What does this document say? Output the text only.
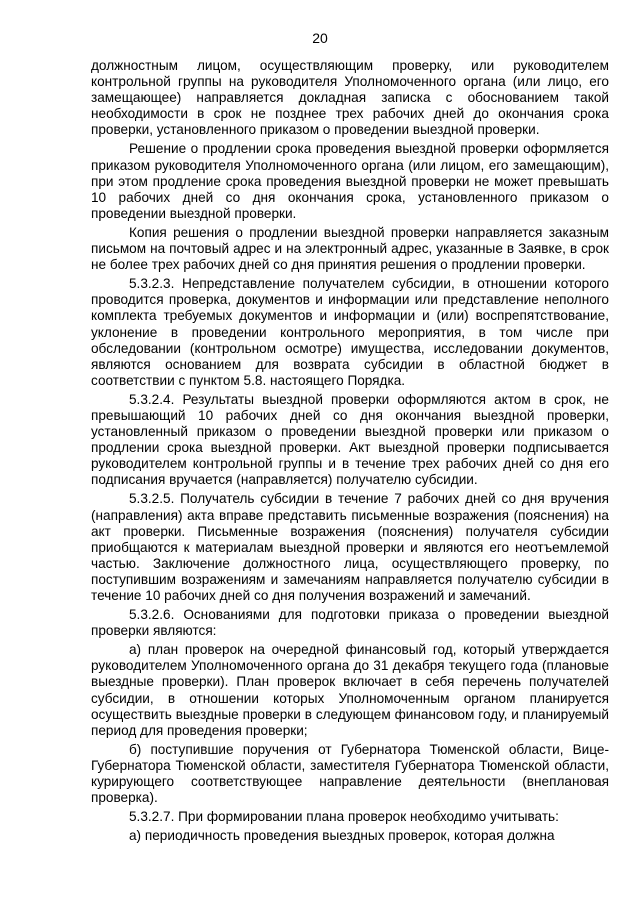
20

должностным лицом, осуществляющим проверку, или руководителем контрольной группы на руководителя Уполномоченного органа (или лицо, его замещающее) направляется докладная записка с обоснованием такой необходимости в срок не позднее трех рабочих дней до окончания срока проверки, установленного приказом о проведении выездной проверки.

Решение о продлении срока проведения выездной проверки оформляется приказом руководителя Уполномоченного органа (или лицом, его замещающим), при этом продление срока проведения выездной проверки не может превышать 10 рабочих дней со дня окончания срока, установленного приказом о проведении выездной проверки.

Копия решения о продлении выездной проверки направляется заказным письмом на почтовый адрес и на электронный адрес, указанные в Заявке, в срок не более трех рабочих дней со дня принятия решения о продлении проверки.

5.3.2.3. Непредставление получателем субсидии, в отношении которого проводится проверка, документов и информации или представление неполного комплекта требуемых документов и информации и (или) воспрепятствование, уклонение в проведении контрольного мероприятия, в том числе при обследовании (контрольном осмотре) имущества, исследовании документов, являются основанием для возврата субсидии в областной бюджет в соответствии с пунктом 5.8. настоящего Порядка.

5.3.2.4. Результаты выездной проверки оформляются актом в срок, не превышающий 10 рабочих дней со дня окончания выездной проверки, установленный приказом о проведении выездной проверки или приказом о продлении срока выездной проверки. Акт выездной проверки подписывается руководителем контрольной группы и в течение трех рабочих дней со дня его подписания вручается (направляется) получателю субсидии.

5.3.2.5. Получатель субсидии в течение 7 рабочих дней со дня вручения (направления) акта вправе представить письменные возражения (пояснения) на акт проверки. Письменные возражения (пояснения) получателя субсидии приобщаются к материалам выездной проверки и являются его неотъемлемой частью. Заключение должностного лица, осуществляющего проверку, по поступившим возражениям и замечаниям направляется получателю субсидии в течение 10 рабочих дней со дня получения возражений и замечаний.

5.3.2.6. Основаниями для подготовки приказа о проведении выездной проверки являются:

а) план проверок на очередной финансовый год, который утверждается руководителем Уполномоченного органа до 31 декабря текущего года (плановые выездные проверки). План проверок включает в себя перечень получателей субсидии, в отношении которых Уполномоченным органом планируется осуществить выездные проверки в следующем финансовом году, и планируемый период для проведения проверки;

б) поступившие поручения от Губернатора Тюменской области, Вице-Губернатора Тюменской области, заместителя Губернатора Тюменской области, курирующего соответствующее направление деятельности (внеплановая проверка).

5.3.2.7. При формировании плана проверок необходимо учитывать:

а) периодичность проведения выездных проверок, которая должна
